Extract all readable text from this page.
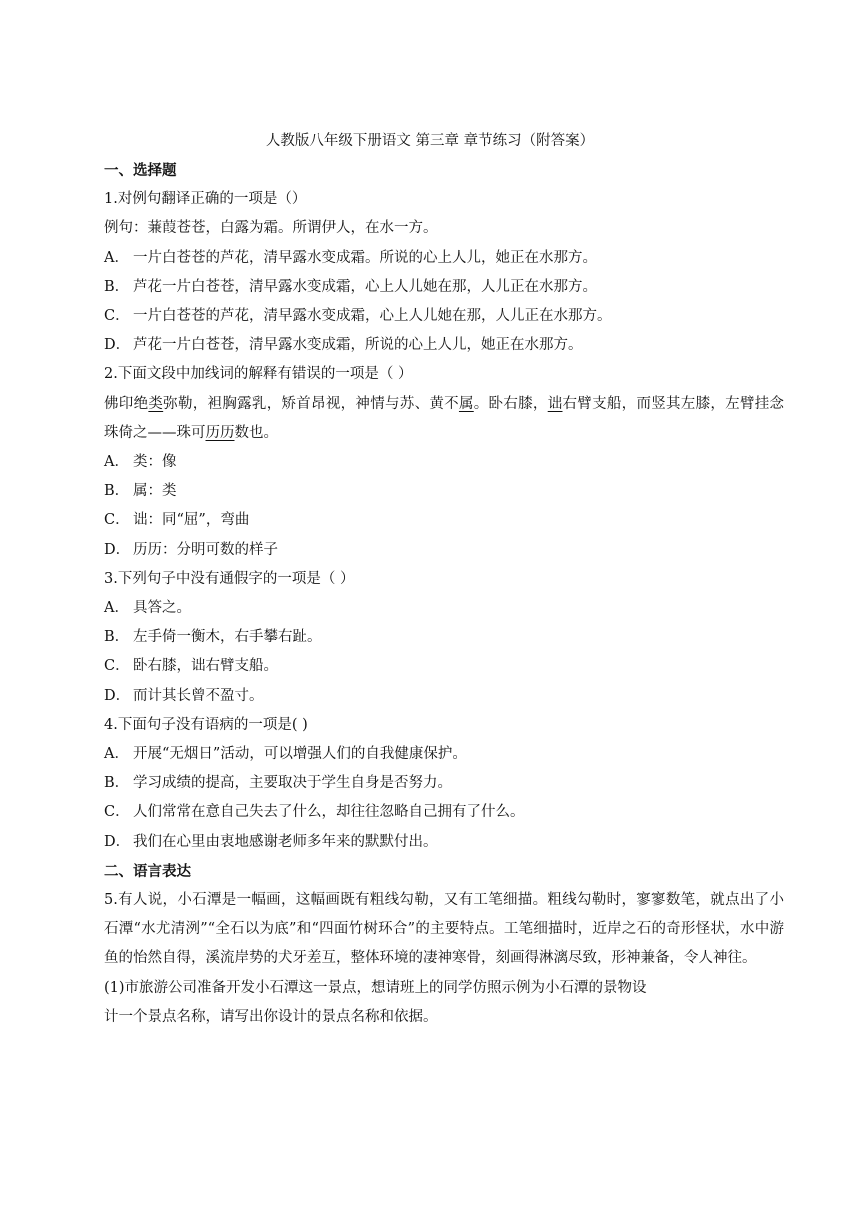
人教版八年级下册语文 第三章 章节练习（附答案）
一、选择题
1.对例句翻译正确的一项是（）
例句：蒹葭苍苍，白露为霜。所谓伊人，在水一方。
A． 一片白苍苍的芦花，清早露水变成霜。所说的心上人儿，她正在水那方。
B． 芦花一片白苍苍，清早露水变成霜，心上人儿她在那，人儿正在水那方。
C． 一片白苍苍的芦花，清早露水变成霜，心上人儿她在那，人儿正在水那方。
D． 芦花一片白苍苍，清早露水变成霜，所说的心上人儿，她正在水那方。
2.下面文段中加线词的解释有错误的一项是（ ）
佛印绝类弥勒，袒胸露乳，矫首昂视，神情与苏、黄不属。卧右膝，诎右臂支船，而竖其左膝，左臂挂念珠倚之——珠可历历数也。
A． 类：像
B． 属：类
C． 诎：同“屈”，弯曲
D． 历历：分明可数的样子
3.下列句子中没有通假字的一项是（ ）
A． 具答之。
B． 左手倚一衡木，右手攀右趾。
C． 卧右膝，诎右臂支船。
D． 而计其长曾不盈寸。
4.下面句子没有语病的一项是( )
A． 开展“无烟日”活动，可以增强人们的自我健康保护。
B． 学习成绩的提高，主要取决于学生自身是否努力。
C． 人们常常在意自己失去了什么，却往往忽略自己拥有了什么。
D． 我们在心里由衷地感谢老师多年来的默默付出。
二、语言表达
5.有人说，小石潭是一幅画，这幅画既有粗线勾勒，又有工笔细描。粗线勾勒时，寥寥数笔，就点出了小石潭“水尤清洌”“全石以为底”和“四面竹树环合”的主要特点。工笔细描时，近岸之石的奇形怪状，水中游鱼的怡然自得，溪流岸势的犬牙差互，整体环境的凄神寒骨，刻画得淋漓尽致，形神兼备，令人神往。
(1)市旅游公司准备开发小石潭这一景点，想请班上的同学仿照示例为小石潭的景物设
计一个景点名称，请写出你设计的景点名称和依据。
